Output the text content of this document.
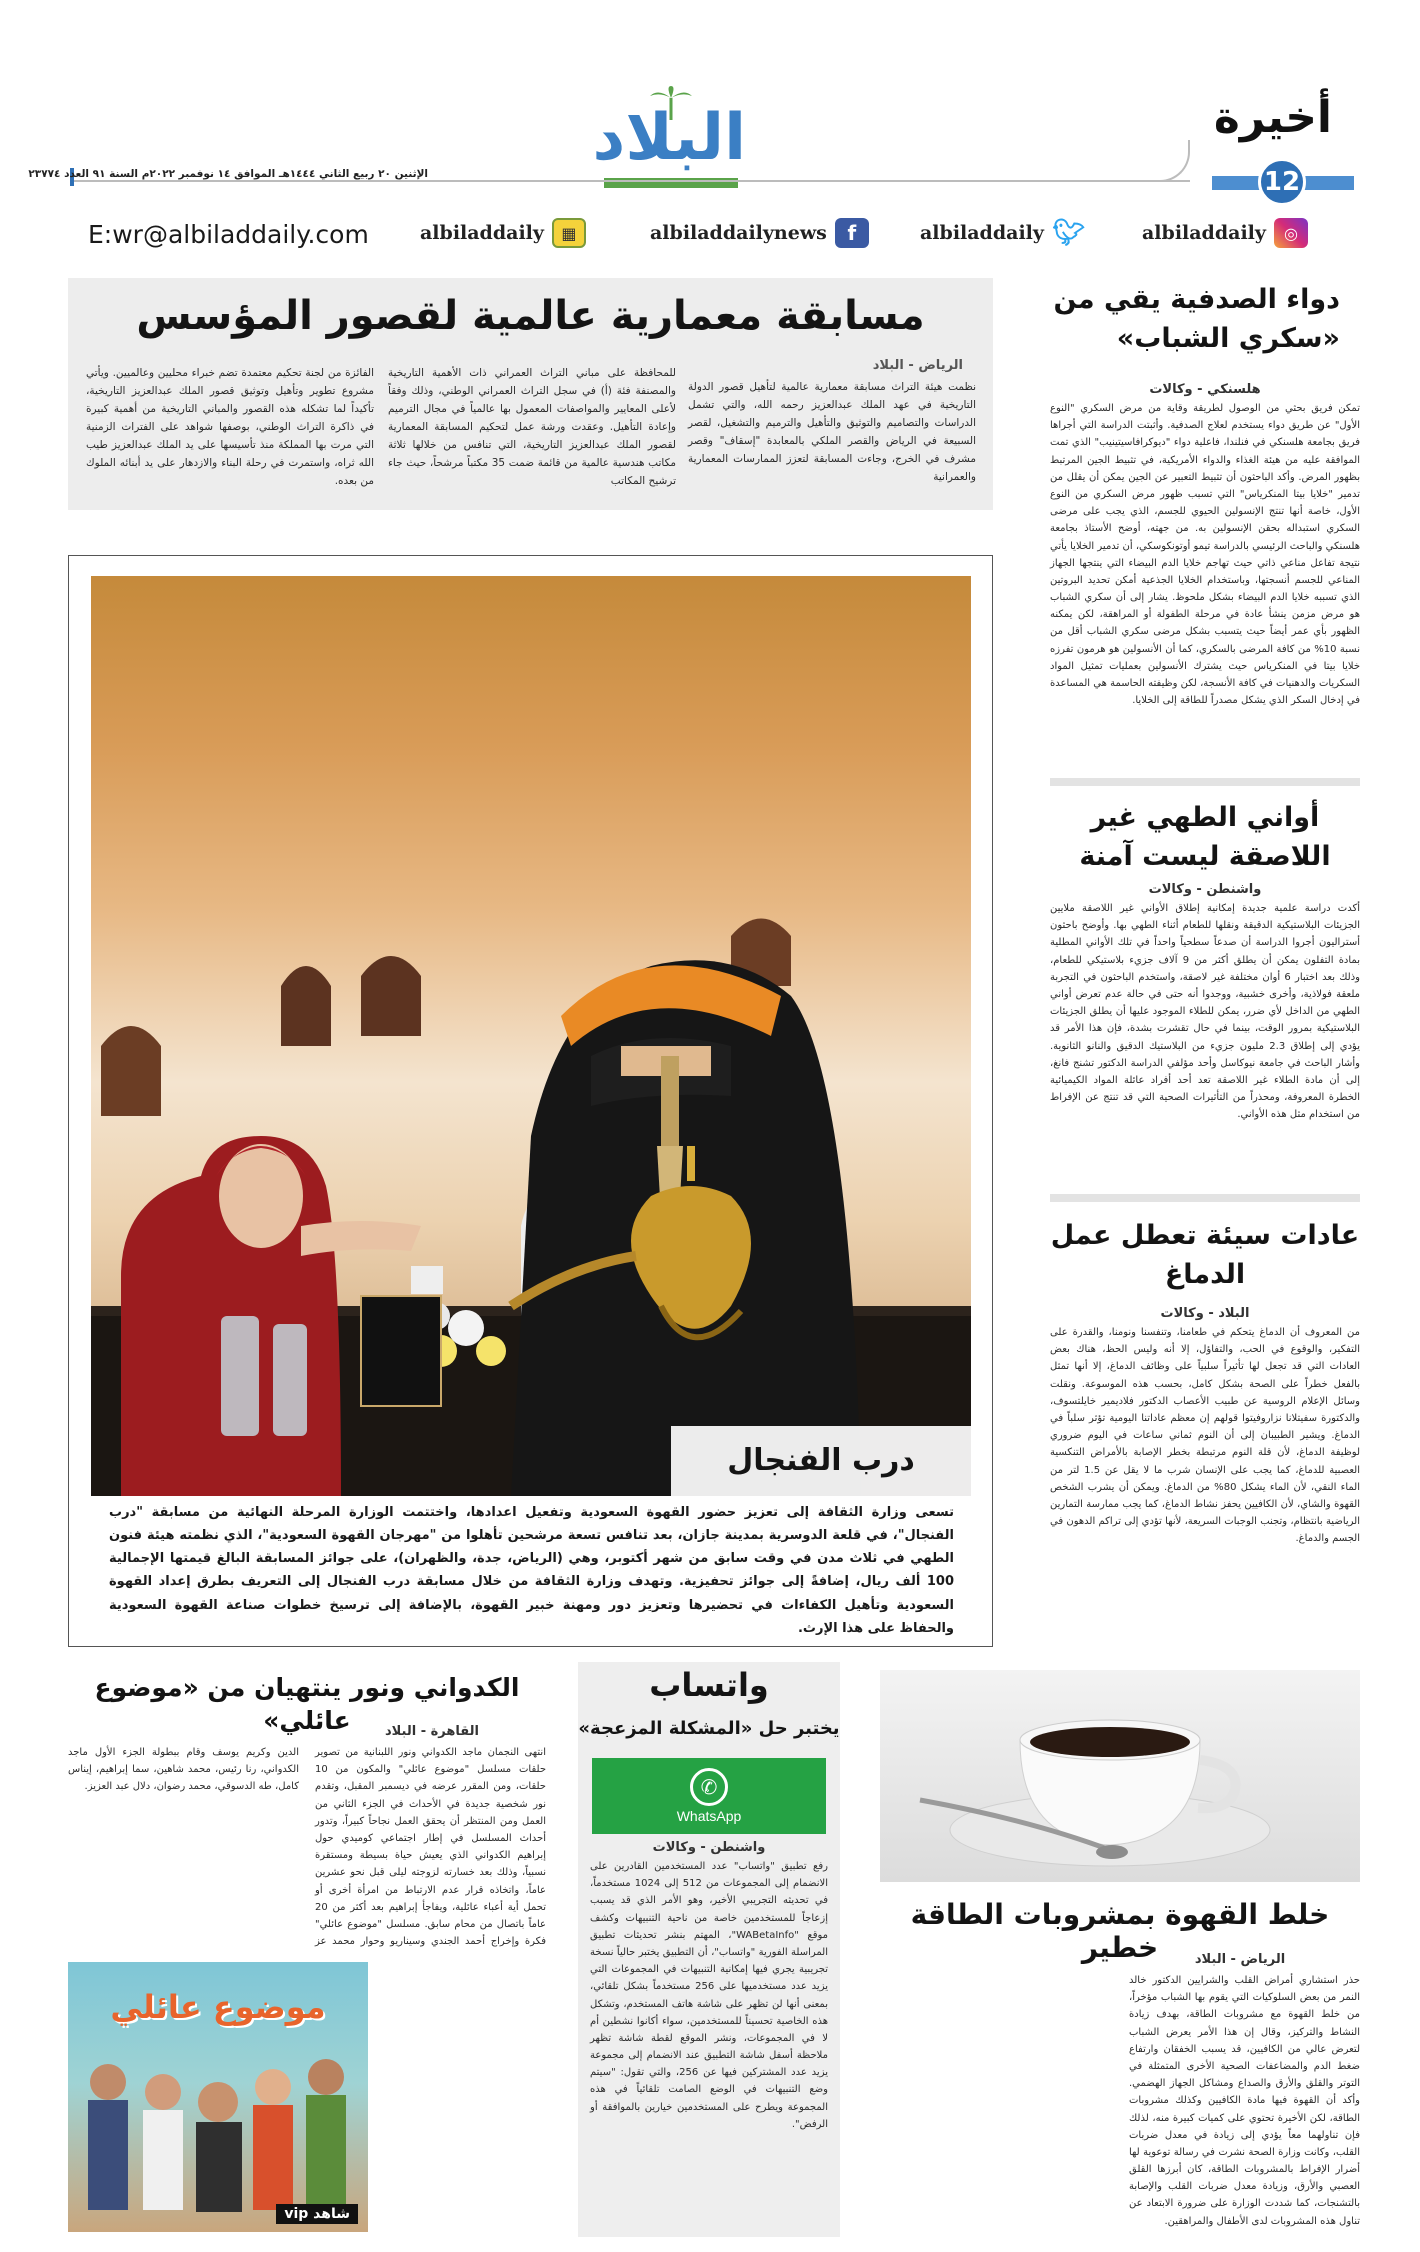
أخيرة
12
البلاد
الإثنين ٢٠ ربيع الثاني ١٤٤٤هـ الموافق ١٤ نوفمبر ٢٠٢٢م السنة ٩١ العدد ٢٣٧٧٤
E:wr@albiladdaily.com	◎
albiladdaily
🐦︎
albiladdaily
f
albiladdailynews
▦
albiladdaily
مسابقة معمارية عالمية لقصور المؤسس
الرياض - البلاد
نظمت هيئة التراث مسابقة معمارية عالمية لتأهيل قصور الدولة التاريخية في عهد الملك عبدالعزيز رحمه الله، والتي تشمل الدراسات والتصاميم والتوثيق والتأهيل والترميم والتشغيل، لقصر السبيعة في الرياض والقصر الملكي بالمعابدة "إسقاف" وقصر مشرف في الخرج، وجاءت المسابقة لتعزز الممارسات المعمارية والعمرانية
للمحافظة على مباني التراث العمراني ذات الأهمية التاريخية والمصنفة فئة (أ) في سجل التراث العمراني الوطني، وذلك وفقاً لأعلى المعايير والمواصفات المعمول بها عالمياً في مجال الترميم وإعادة التأهيل. وعقدت ورشة عمل لتحكيم المسابقة المعمارية لقصور الملك عبدالعزيز التاريخية، التي تنافس من خلالها ثلاثة مكاتب هندسية عالمية من قائمة ضمت 35 مكتباً مرشحاً، حيث جاء ترشيح المكاتب
الفائزة من لجنة تحكيم معتمدة تضم خبراء محليين وعالميين. ويأتي مشروع تطوير وتأهيل وتوثيق قصور الملك عبدالعزيز التاريخية، تأكيداً لما تشكله هذه القصور والمباني التاريخية من أهمية كبيرة في ذاكرة التراث الوطني، بوصفها شواهد على الفترات الزمنية التي مرت بها المملكة منذ تأسيسها على يد الملك عبدالعزيز طيب الله ثراه، واستمرت في رحلة البناء والازدهار على يد أبنائه الملوك من بعده.
درب الفنجال
تسعى وزارة الثقافة إلى تعزيز حضور القهوة السعودية وتفعيل اعدادها، واختتمت الوزارة المرحلة النهائية من مسابقة "درب الفنجال"، في قلعة الدوسرية بمدينة جازان، بعد تنافس تسعة مرشحين تأهلوا من "مهرجان القهوة السعودية"، الذي نظمته هيئة فنون الطهي في ثلاث مدن في وقت سابق من شهر أكتوبر، وهي (الرياض، جدة، والظهران)، على جوائز المسابقة البالغ قيمتها الإجمالية 100 ألف ريال، إضافةً إلى جوائز تحفيزية. وتهدف وزارة الثقافة من خلال مسابقة درب الفنجال إلى التعريف بطرق إعداد القهوة السعودية وتأهيل الكفاءات في تحضيرها وتعزيز دور ومهنة خبير القهوة، بالإضافة إلى ترسيخ خطوات صناعة القهوة السعودية والحفاظ على هذا الإرث.
دواء الصدفية يقي من «سكري الشباب»
هلسنكي - وكالات
تمكن فريق بحثي من الوصول لطريقة وقاية من مرض السكري "النوع الأول" عن طريق دواء يستخدم لعلاج الصدفية. وأثبتت الدراسة التي أجراها فريق بجامعة هلسنكي في فنلندا، فاعلية دواء "ديوكرافاسيتينيب" الذي تمت الموافقة عليه من هيئة الغذاء والدواء الأمريكية، في تثبيط الجين المرتبط بظهور المرض. وأكد الباحثون أن تثبيط التعبير عن الجين يمكن أن يقلل من تدمير "خلايا بيتا المنكرياس" التي تسبب ظهور مرض السكري من النوع الأول، خاصة أنها تنتج الإنسولين الحيوي للجسم، الذي يجب على مرضى السكري استبداله بحقن الإنسولين به. من جهته، أوضح الأستاذ بجامعة هلسنكي والباحث الرئيسي بالدراسة تيمو أوتونكوسكي، أن تدمير الخلايا يأتي نتيجة تفاعل مناعي ذاتي حيث تهاجم خلايا الدم البيضاء التي ينتجها الجهاز المناعي للجسم أنسجتها، وباستخدام الخلايا الجذعية أمكن تحديد البروتين الذي تسببه خلايا الدم البيضاء بشكل ملحوظ. يشار إلى أن سكري الشباب هو مرض مزمن ينشأ عادة في مرحلة الطفولة أو المراهقة، لكن يمكنه الظهور بأي عمر أيضاً حيث يتسبب بشكل مرضى سكري الشباب أقل من نسبة 10% من كافة المرضى بالسكري، كما أن الأنسولين هو هرمون تفرزه خلايا بيتا في المنكرياس حيث يشترك الأنسولين بعمليات تمثيل المواد السكريات والدهنيات في كافة الأنسجة، لكن وظيفته الحاسمة هي المساعدة في إدخال السكر الذي يشكل مصدراً للطاقة إلى الخلايا.
أواني الطهي غير اللاصقة ليست آمنة
واشنطن - وكالات
أكدت دراسة علمية جديدة إمكانية إطلاق الأواني غير اللاصقة ملايين الجزيئات البلاستيكية الدقيقة ونقلها للطعام أثناء الطهي بها. وأوضح باحثون أستراليون أجروا الدراسة أن صدعاً سطحياً واحداً في تلك الأواني المطلية بمادة التفلون يمكن أن يطلق أكثر من 9 آلاف جزيء بلاستيكي للطعام، وذلك بعد اختبار 6 أوان مختلفة غير لاصقة، واستخدم الباحثون في التجربة ملعقة فولاذية، وأخرى خشبية، ووجدوا أنه حتى في حالة عدم تعرض أواني الطهي من الداخل لأي ضرر، يمكن للطلاء الموجود عليها أن يطلق الجزيئات البلاستيكية بمرور الوقت، بينما في حال تقشرت بشدة، فإن هذا الأمر قد يؤدي إلى إطلاق 2.3 مليون جزيء من البلاستيك الدقيق والنانو الثانوية. وأشار الباحث في جامعة نيوكاسل وأحد مؤلفي الدراسة الدكتور تشنج فانغ، إلى أن مادة الطلاء غير اللاصقة تعد أحد أفراد عائلة المواد الكيميائية الخطرة المعروفة، ومحذراً من التأثيرات الصحية التي قد تنتج عن الإفراط من استخدام مثل هذه الأواني.
عادات سيئة تعطل عمل الدماغ
البلاد - وكالات
من المعروف أن الدماغ يتحكم في طعامنا، وتنفسنا ونومنا، والقدرة على التفكير، والوقوع في الحب، والتفاؤل، إلا أنه وليس الحظ، هناك بعض العادات التي قد تجعل لها تأثيراً سلبياً على وظائف الدماغ، إلا أنها تمثل بالفعل خطراً على الصحة بشكل كامل، بحسب هذه الموسوعة. ونقلت وسائل الإعلام الروسية عن طبيب الأعصاب الدكتور فلاديمير خايلتسوف، والدكتورة سفيتلانا نزاروفيتوا قولهم إن معظم عاداتنا اليومية تؤثر سلباً في الدماغ. ويشير الطبيبان إلى أن النوم ثماني ساعات في اليوم ضروري لوظيفة الدماغ، لأن قلة النوم مرتبطة بخطر الإصابة بالأمراض التنكسية العصبية للدماغ، كما يجب على الإنسان شرب ما لا يقل عن 1.5 لتر من الماء النقي، لأن الماء يشكل 80% من الدماغ. ويمكن أن يشرب الشخص القهوة والشاي، لأن الكافيين يحفز نشاط الدماغ، كما يجب ممارسة التمارين الرياضية بانتظام، وتجنب الوجبات السريعة، لأنها تؤدي إلى تراكم الدهون في الجسم والدماغ.
الكدواني ونور ينتهيان من «موضوع عائلي»	القاهرة - البلاد
انتهى النجمان ماجد الكدواني ونور اللبنانية من تصوير حلقات مسلسل "موضوع عائلي" والمكون من 10 حلقات، ومن المقرر عرضه في ديسمبر المقبل، وتقدم نور شخصية جديدة في الأحداث في الجزء الثاني من العمل ومن المنتظر أن يحقق العمل نجاحاً كبيراً، وتدور أحداث المسلسل في إطار اجتماعي كوميدي حول إبراهيم الكدواني الذي يعيش حياة بسيطة ومستقرة نسبياً، وذلك بعد خسارته لزوجته ليلى قبل نحو عشرين عاماً، واتخاذه قرار عدم الارتباط من امرأة أخرى أو تحمل أية أعباء عائلية، ويفاجأ إبراهيم بعد أكثر من 20 عاماً باتصال من محام سابق. مسلسل "موضوع عائلي" فكرة وإخراج أحمد الجندي وسيناريو وحوار محمد عز الدين وكريم يوسف وقام ببطولة الجزء الأول ماجد الكدواني، رنا رئيس، محمد شاهين، سما إبراهيم، إيناس كامل، طه الدسوقي، محمد رضوان، دلال عبد العزيز.
موضوع عائلي
شاهد vip
واتساب
يختبر حل «المشكلة المزعجة»
✆
WhatsApp
واشنطن - وكالات
رفع تطبيق "واتساب" عدد المستخدمين القادرين على الانضمام إلى المجموعات من 512 إلى 1024 مستخدماً، في تحديثه التجريبي الأخير، وهو الأمر الذي قد يسبب إزعاجاً للمستخدمين خاصة من ناحية التنبيهات وكشف موقع "WABetaInfo"، المهتم بنشر تحديثات تطبيق المراسلة الفورية "واتساب"، أن التطبيق يختبر حالياً نسخة تجريبية يجري فيها إمكانية التنبيهات في المجموعات التي يزيد عدد مستخدميها على 256 مستخدماً بشكل تلقائي، بمعنى أنها لن تظهر على شاشة هاتف المستخدم، وتشكل هذه الخاصية تحسيناً للمستخدمين، سواء أكانوا نشطين أم لا في المجموعات، ونشر الموقع لقطة شاشة تظهر ملاحظة أسفل شاشة التطبيق عند الانضمام إلى مجموعة يزيد عدد المشتركين فيها عن 256، والتي تقول: "سيتم وضع التنبيهات في الوضع الصامت تلقائياً في هذه المجموعة ويطرح على المستخدمين خيارين بالموافقة أو الرفض".
خلط القهوة بمشروبات الطاقة خطير	الرياض - البلاد
حذر استشاري أمراض القلب والشرايين الدكتور خالد النمر من بعض السلوكيات التي يقوم بها الشباب مؤخراً، من خلط القهوة مع مشروبات الطاقة، بهدف زيادة النشاط والتركيز، وقال إن هذا الأمر يعرض الشباب لتعرض عالي من الكافيين، قد يسبب الخفقان وارتفاع ضغط الدم والمضاعفات الصحية الأخرى المتمثلة في التوتر والقلق والأرق والصداع ومشاكل الجهاز الهضمي. وأكد أن القهوة فيها مادة الكافيين وكذلك مشروبات الطاقة، لكن الأخيرة تحتوي على كميات كبيرة منه، لذلك فإن تناولهما معاً يؤدي إلى زيادة في معدل ضربات القلب، وكانت وزارة الصحة نشرت في رسالة توعوية لها أضرار الإفراط بالمشروبات الطاقة، كان أبرزها القلق العصبي والأرق، وزيادة معدل ضربات القلب والإصابة بالتشنجات، كما شددت الوزارة على ضرورة الابتعاد عن تناول هذه المشروبات لدى الأطفال والمراهقين.
